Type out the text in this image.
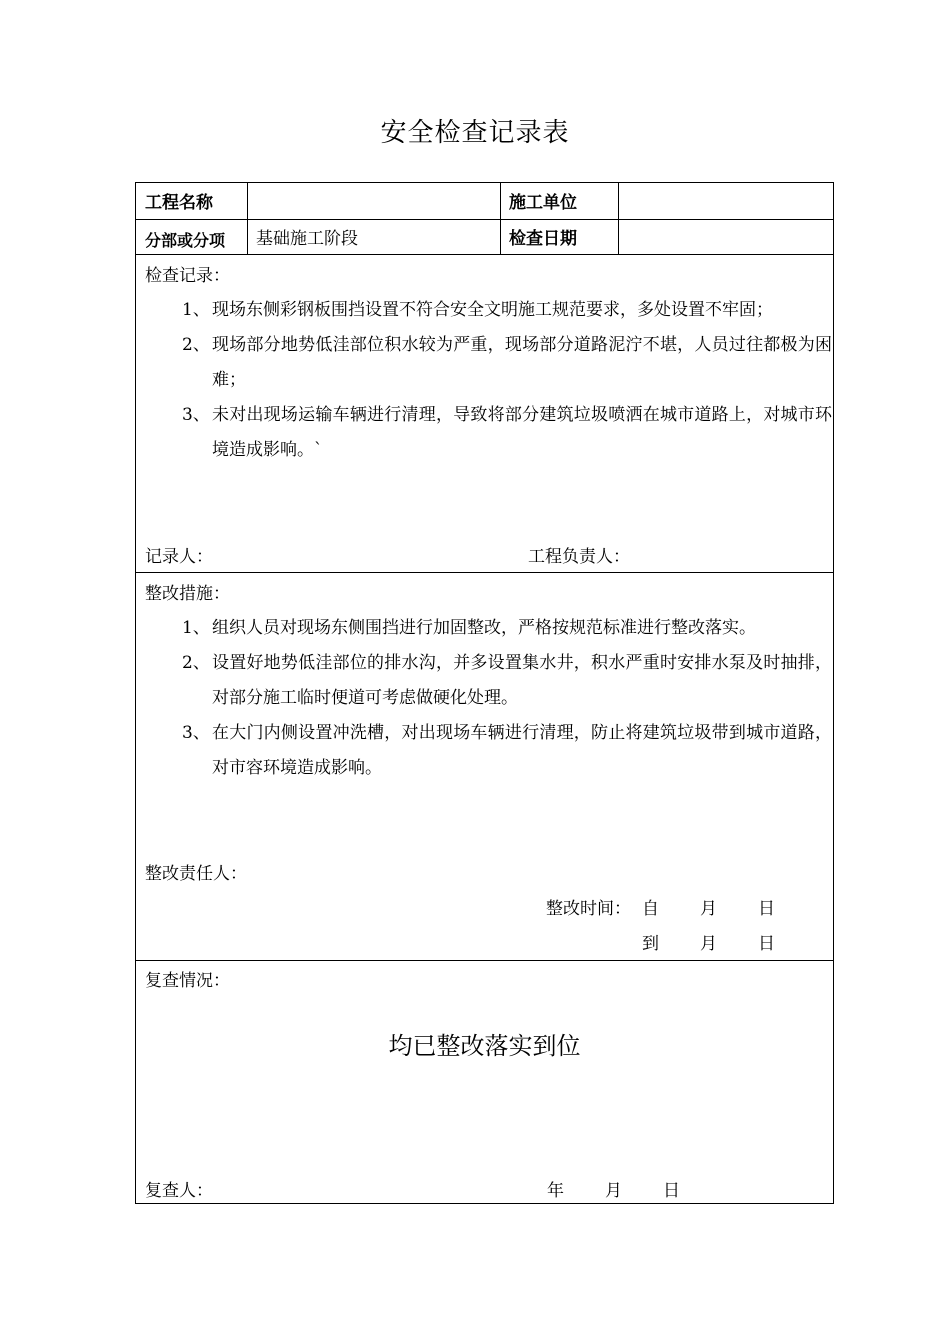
安全检查记录表
工程名称	施工单位
分部或分项 基础施工阶段	检查日期
检查记录：
1、 现场东侧彩钢板围挡设置不符合安全文明施工规范要求，多处设置不牢固；
2、 现场部分地势低洼部位积水较为严重，现场部分道路泥泞不堪，人员过往都极为困难；
3、 未对出现场运输车辆进行清理，导致将部分建筑垃圾喷洒在城市道路上，对城市环境造成影响。`
记录人：	工程负责人：
整改措施：
1、 组织人员对现场东侧围挡进行加固整改，严格按规范标准进行整改落实。
2、 设置好地势低洼部位的排水沟，并多设置集水井，积水严重时安排水泵及时抽排，对部分施工临时便道可考虑做硬化处理。
3、 在大门内侧设置冲洗槽，对出现场车辆进行清理，防止将建筑垃圾带到城市道路，对市容环境造成影响。
整改责任人：
整改时间： 自 月 日
到 月 日
复查情况：
均已整改落实到位
复查人：	年 月 日
